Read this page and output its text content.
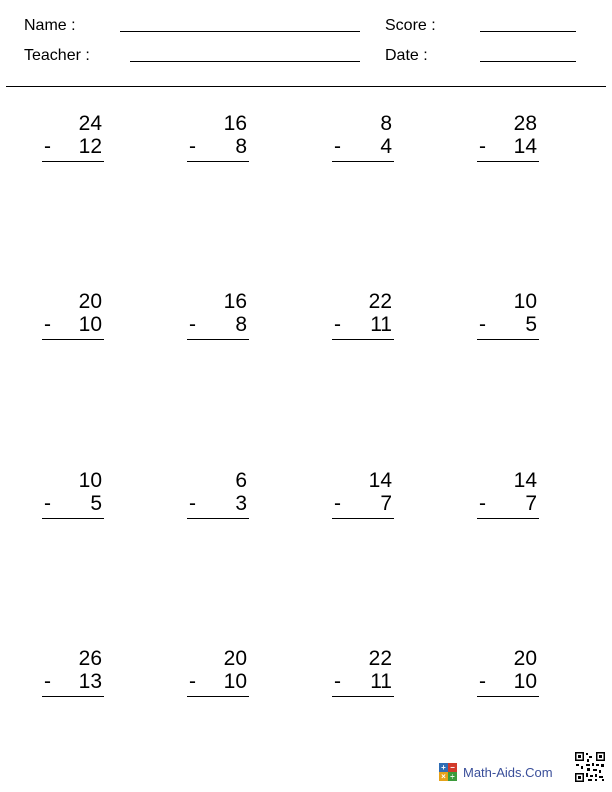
Name :	Score :
Teacher :	Date :
24
- 12
16
- 8
8
- 4
28
- 14
20
- 10
16
- 8
22
- 11
10
- 5
10
- 5
6
- 3
14
- 7
14
- 7
26
- 13
20
- 10
22
- 11
20
- 10
+ −
× ÷ Math-Aids.Com
